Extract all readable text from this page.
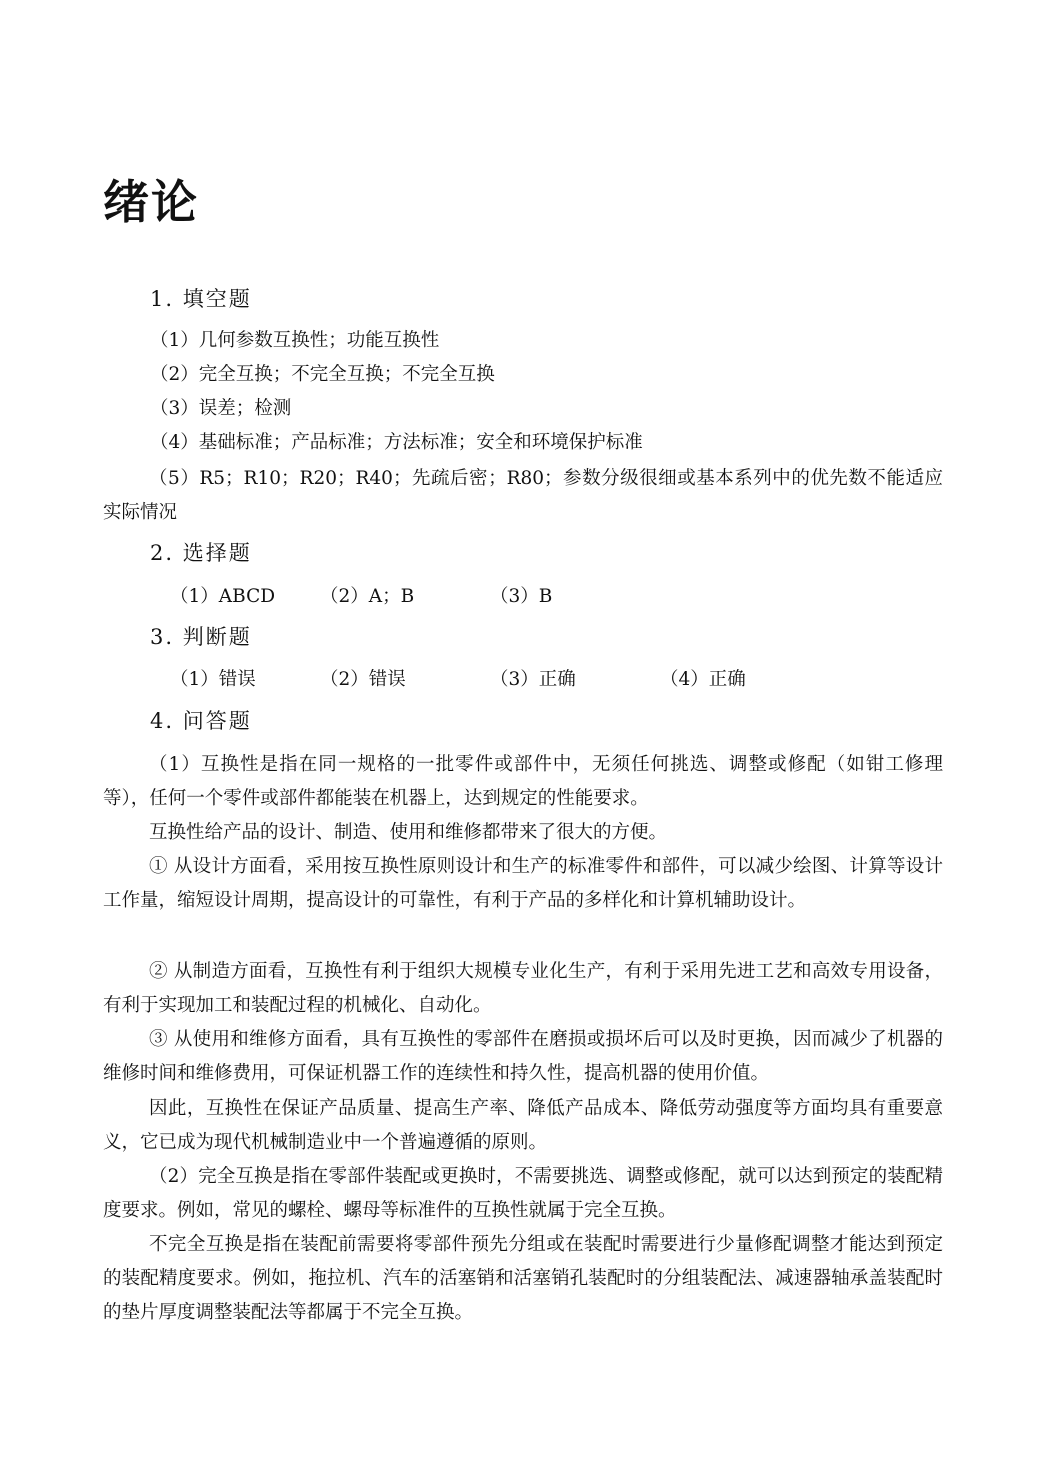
绪论
1. 填空题
（1）几何参数互换性；功能互换性
（2）完全互换；不完全互换；不完全互换
（3）误差；检测
（4）基础标准；产品标准；方法标准；安全和环境保护标准
（5）R5；R10；R20；R40；先疏后密；R80；参数分级很细或基本系列中的优先数不能适应实际情况
2. 选择题
（1）ABCD （2）A；B	（3）B
3. 判断题
（1）错误	（2）错误	（3）正确	（4）正确
4. 问答题
（1）互换性是指在同一规格的一批零件或部件中，无须任何挑选、调整或修配（如钳工修理等），任何一个零件或部件都能装在机器上，达到规定的性能要求。
互换性给产品的设计、制造、使用和维修都带来了很大的方便。
① 从设计方面看，采用按互换性原则设计和生产的标准零件和部件，可以减少绘图、计算等设计工作量，缩短设计周期，提高设计的可靠性，有利于产品的多样化和计算机辅助设计。
② 从制造方面看，互换性有利于组织大规模专业化生产，有利于采用先进工艺和高效专用设备，有利于实现加工和装配过程的机械化、自动化。
③ 从使用和维修方面看，具有互换性的零部件在磨损或损坏后可以及时更换，因而减少了机器的维修时间和维修费用，可保证机器工作的连续性和持久性，提高机器的使用价值。
因此，互换性在保证产品质量、提高生产率、降低产品成本、降低劳动强度等方面均具有重要意义，它已成为现代机械制造业中一个普遍遵循的原则。
（2）完全互换是指在零部件装配或更换时，不需要挑选、调整或修配，就可以达到预定的装配精度要求。例如，常见的螺栓、螺母等标准件的互换性就属于完全互换。
不完全互换是指在装配前需要将零部件预先分组或在装配时需要进行少量修配调整才能达到预定的装配精度要求。例如，拖拉机、汽车的活塞销和活塞销孔装配时的分组装配法、减速器轴承盖装配时的垫片厚度调整装配法等都属于不完全互换。
